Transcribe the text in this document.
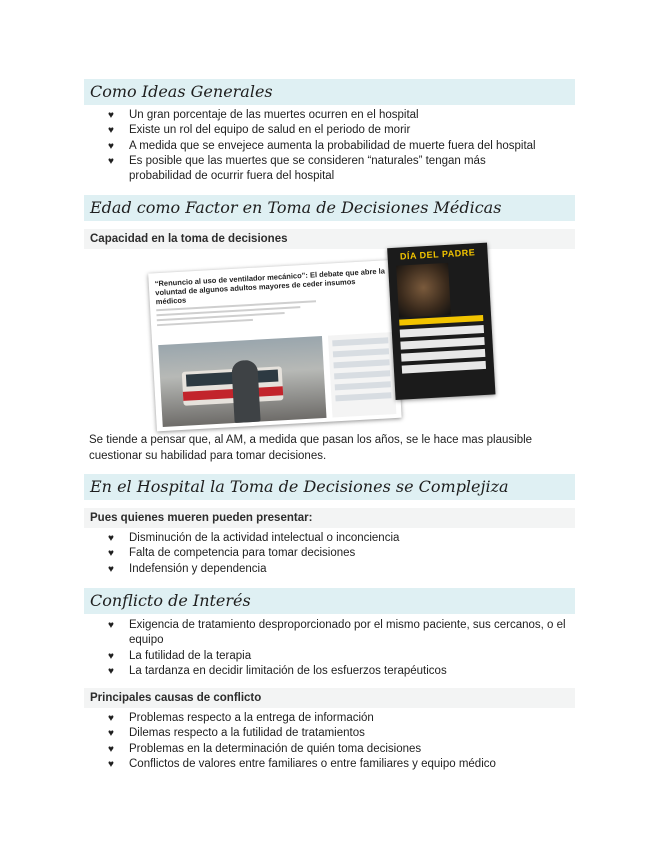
Como Ideas Generales
♥ Un gran porcentaje de las muertes ocurren en el hospital
♥ Existe un rol del equipo de salud en el periodo de morir
♥ A medida que se envejece aumenta la probabilidad de muerte fuera del hospital
♥ Es posible que las muertes que se consideren “naturales” tengan más probabilidad de ocurrir fuera del hospital
Edad como Factor en Toma de Decisiones Médicas
Capacidad en la toma de decisiones
“Renuncio al uso de ventilador mecánico”: El debate que abre la voluntad de algunos adultos mayores de ceder insumos médicos
DÍA DEL PADRE
Se tiende a pensar que, al AM, a medida que pasan los años, se le hace mas plausible cuestionar su habilidad para tomar decisiones.
En el Hospital la Toma de Decisiones se Complejiza
Pues quienes mueren pueden presentar:
♥ Disminución de la actividad intelectual o inconciencia
♥ Falta de competencia para tomar decisiones
♥ Indefensión y dependencia
Conflicto de Interés
♥ Exigencia de tratamiento desproporcionado por el mismo paciente, sus cercanos, o el equipo
♥ La futilidad de la terapia
♥ La tardanza en decidir limitación de los esfuerzos terapéuticos
Principales causas de conflicto
♥ Problemas respecto a la entrega de información
♥ Dilemas respecto a la futilidad de tratamientos
♥ Problemas en la determinación de quién toma decisiones
♥ Conflictos de valores entre familiares o entre familiares y equipo médico
